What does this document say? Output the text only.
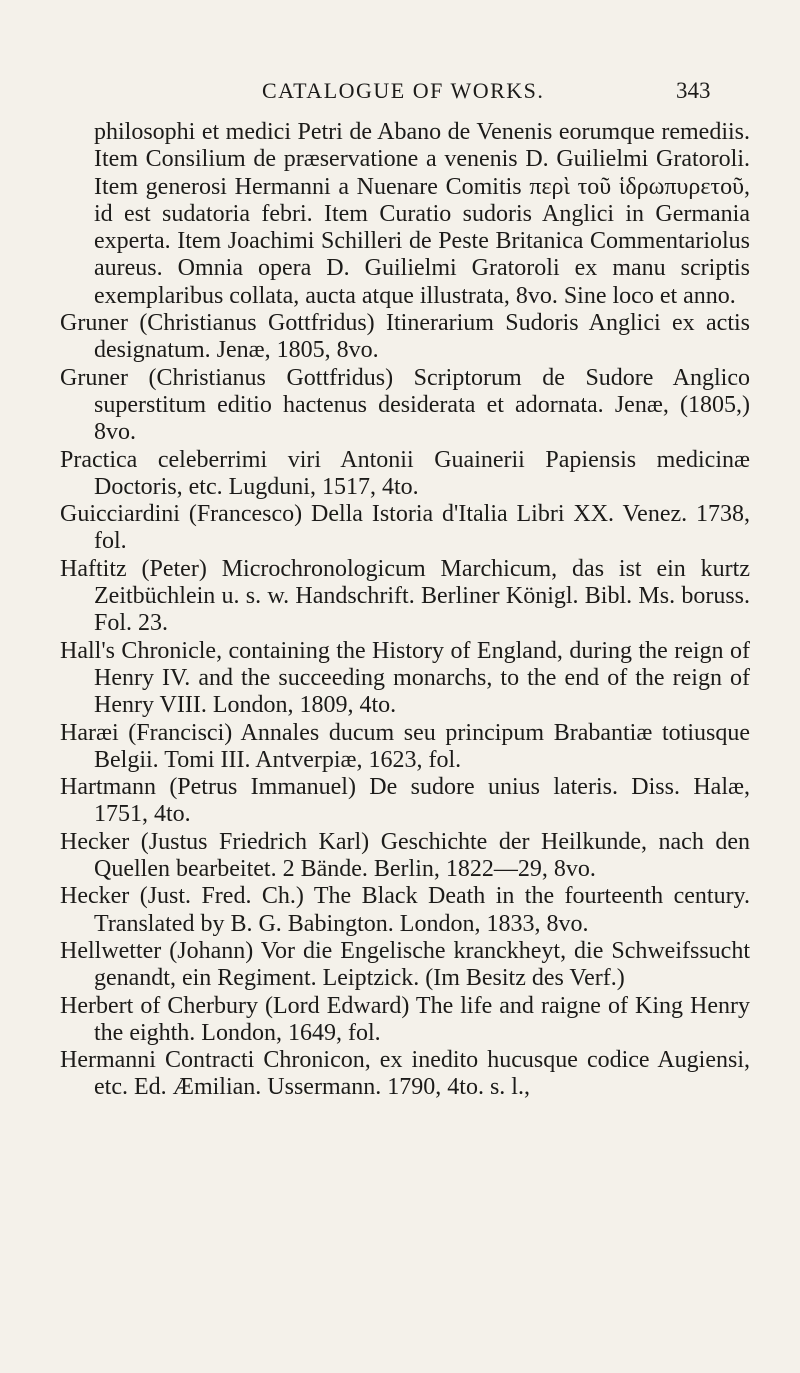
CATALOGUE OF WORKS.	343

philosophi et medici Petri de Abano de Venenis eorumque remediis. Item Consilium de præservatione a venenis D. Guilielmi Gratoroli. Item generosi Hermanni a Nuenare Comitis περὶ τοῦ ἱδρωπυρετοῦ, id est sudatoria febri. Item Curatio sudoris Anglici in Germania experta. Item Joachimi Schilleri de Peste Britanica Commentariolus aureus. Omnia opera D. Guilielmi Gratoroli ex manu scriptis exemplaribus collata, aucta atque illustrata, 8vo. Sine loco et anno.

Gruner (Christianus Gottfridus) Itinerarium Sudoris Anglici ex actis designatum. Jenæ, 1805, 8vo.

Gruner (Christianus Gottfridus) Scriptorum de Sudore Anglico superstitum editio hactenus desiderata et adornata. Jenæ, (1805,) 8vo.

Practica celeberrimi viri Antonii Guainerii Papiensis medicinæ Doctoris, etc. Lugduni, 1517, 4to.

Guicciardini (Francesco) Della Istoria d'Italia Libri XX. Venez. 1738, fol.

Haftitz (Peter) Microchronologicum Marchicum, das ist ein kurtz Zeitbüchlein u. s. w. Handschrift. Berliner Königl. Bibl. Ms. boruss. Fol. 23.

Hall's Chronicle, containing the History of England, during the reign of Henry IV. and the succeeding monarchs, to the end of the reign of Henry VIII. London, 1809, 4to.

Haræi (Francisci) Annales ducum seu principum Brabantiæ totiusque Belgii. Tomi III. Antverpiæ, 1623, fol.

Hartmann (Petrus Immanuel) De sudore unius lateris. Diss. Halæ, 1751, 4to.

Hecker (Justus Friedrich Karl) Geschichte der Heilkunde, nach den Quellen bearbeitet. 2 Bände. Berlin, 1822—29, 8vo.

Hecker (Just. Fred. Ch.) The Black Death in the fourteenth century. Translated by B. G. Babington. London, 1833, 8vo.

Hellwetter (Johann) Vor die Engelische kranckheyt, die Schweifssucht genandt, ein Regiment. Leiptzick. (Im Besitz des Verf.)

Herbert of Cherbury (Lord Edward) The life and raigne of King Henry the eighth. London, 1649, fol.

Hermanni Contracti Chronicon, ex inedito hucusque codice Augiensi, etc. Ed. Æmilian. Ussermann. 1790, 4to. s. l.,
